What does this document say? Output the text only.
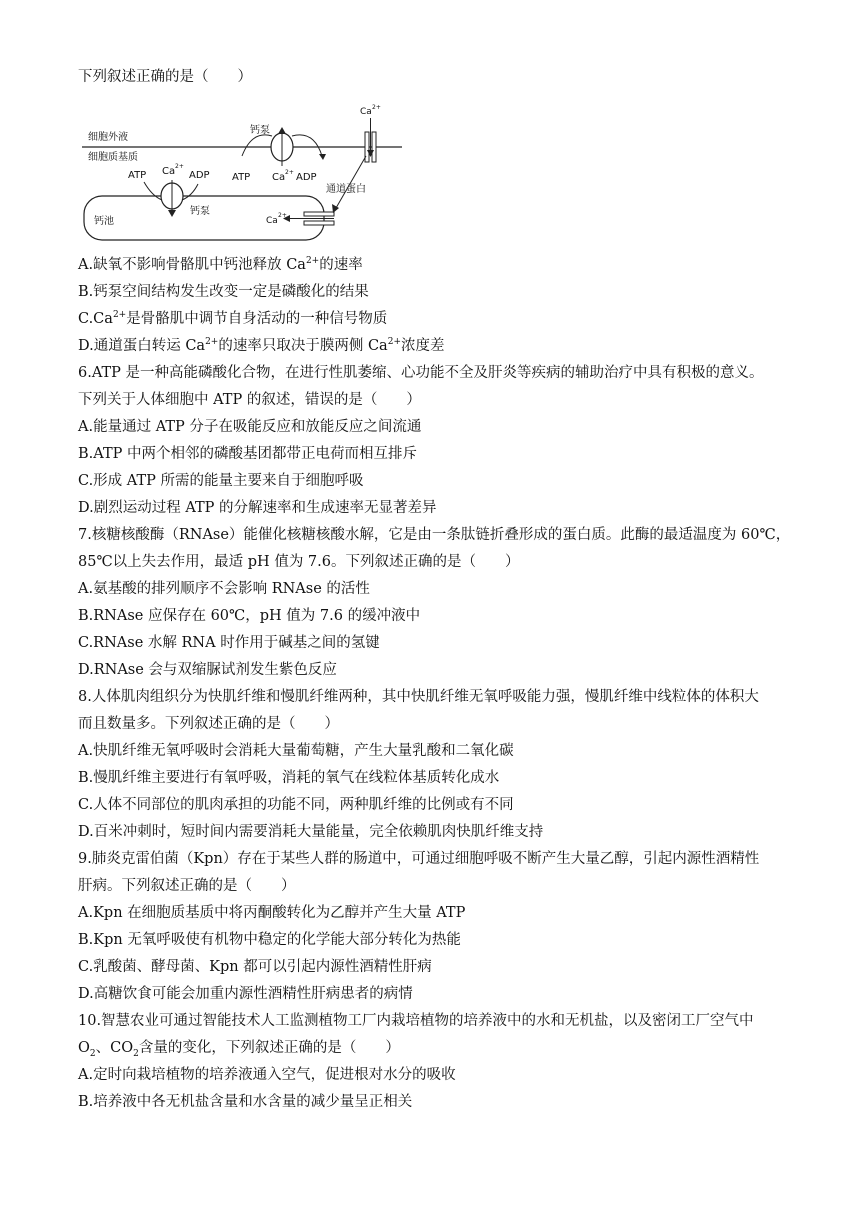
下列叙述正确的是（　　）
细胞外液
细胞质基质
钙泵
ATP Ca 2+ ADP
Ca 2+
通道蛋白
钙池
ATP Ca 2+
ADP
钙泵
Ca
2+
A.缺氧不影响骨骼肌中钙池释放 $Ca^{2+}$的速率
B.钙泵空间结构发生改变一定是磷酸化的结果
$C.Ca^{2+}$是骨骼肌中调节自身活动的一种信号物质
D.通道蛋白转运 $Ca^{2+}$的速率只取决于膜两侧 $Ca^{2+}$浓度差
6.ATP 是一种高能磷酸化合物，在进行性肌萎缩、心功能不全及肝炎等疾病的辅助治疗中具有积极的意义。
下列关于人体细胞中 ATP 的叙述，错误的是（　　）
A.能量通过 ATP 分子在吸能反应和放能反应之间流通
B.ATP 中两个相邻的磷酸基团都带正电荷而相互排斥
C.形成 ATP 所需的能量主要来自于细胞呼吸
D.剧烈运动过程 ATP 的分解速率和生成速率无显著差异
7.核糖核酸酶（RNAse）能催化核糖核酸水解，它是由一条肽链折叠形成的蛋白质。此酶的最适温度为 60℃，
85℃以上失去作用，最适 pH 值为 7.6。下列叙述正确的是（　　）
A.氨基酸的排列顺序不会影响 RNAse 的活性
B.RNAse 应保存在 60℃，pH 值为 7.6 的缓冲液中
C.RNAse 水解 RNA 时作用于碱基之间的氢键
D.RNAse 会与双缩脲试剂发生紫色反应
8.人体肌肉组织分为快肌纤维和慢肌纤维两种，其中快肌纤维无氧呼吸能力强，慢肌纤维中线粒体的体积大
而且数量多。下列叙述正确的是（　　）
A.快肌纤维无氧呼吸时会消耗大量葡萄糖，产生大量乳酸和二氧化碳
B.慢肌纤维主要进行有氧呼吸，消耗的氧气在线粒体基质转化成水
C.人体不同部位的肌肉承担的功能不同，两种肌纤维的比例或有不同
D.百米冲刺时，短时间内需要消耗大量能量，完全依赖肌肉快肌纤维支持
9.肺炎克雷伯菌（Kpn）存在于某些人群的肠道中，可通过细胞呼吸不断产生大量乙醇，引起内源性酒精性
肝病。下列叙述正确的是（　　）
A.Kpn 在细胞质基质中将丙酮酸转化为乙醇并产生大量 ATP
B.Kpn 无氧呼吸使有机物中稳定的化学能大部分转化为热能
C.乳酸菌、酵母菌、Kpn 都可以引起内源性酒精性肝病
D.高糖饮食可能会加重内源性酒精性肝病患者的病情
10.智慧农业可通过智能技术人工监测植物工厂内栽培植物的培养液中的水和无机盐，以及密闭工厂空气中
$O_2$、$CO_2$含量的变化，下列叙述正确的是（　　）
A.定时向栽培植物的培养液通入空气，促进根对水分的吸收
B.培养液中各无机盐含量和水含量的减少量呈正相关
